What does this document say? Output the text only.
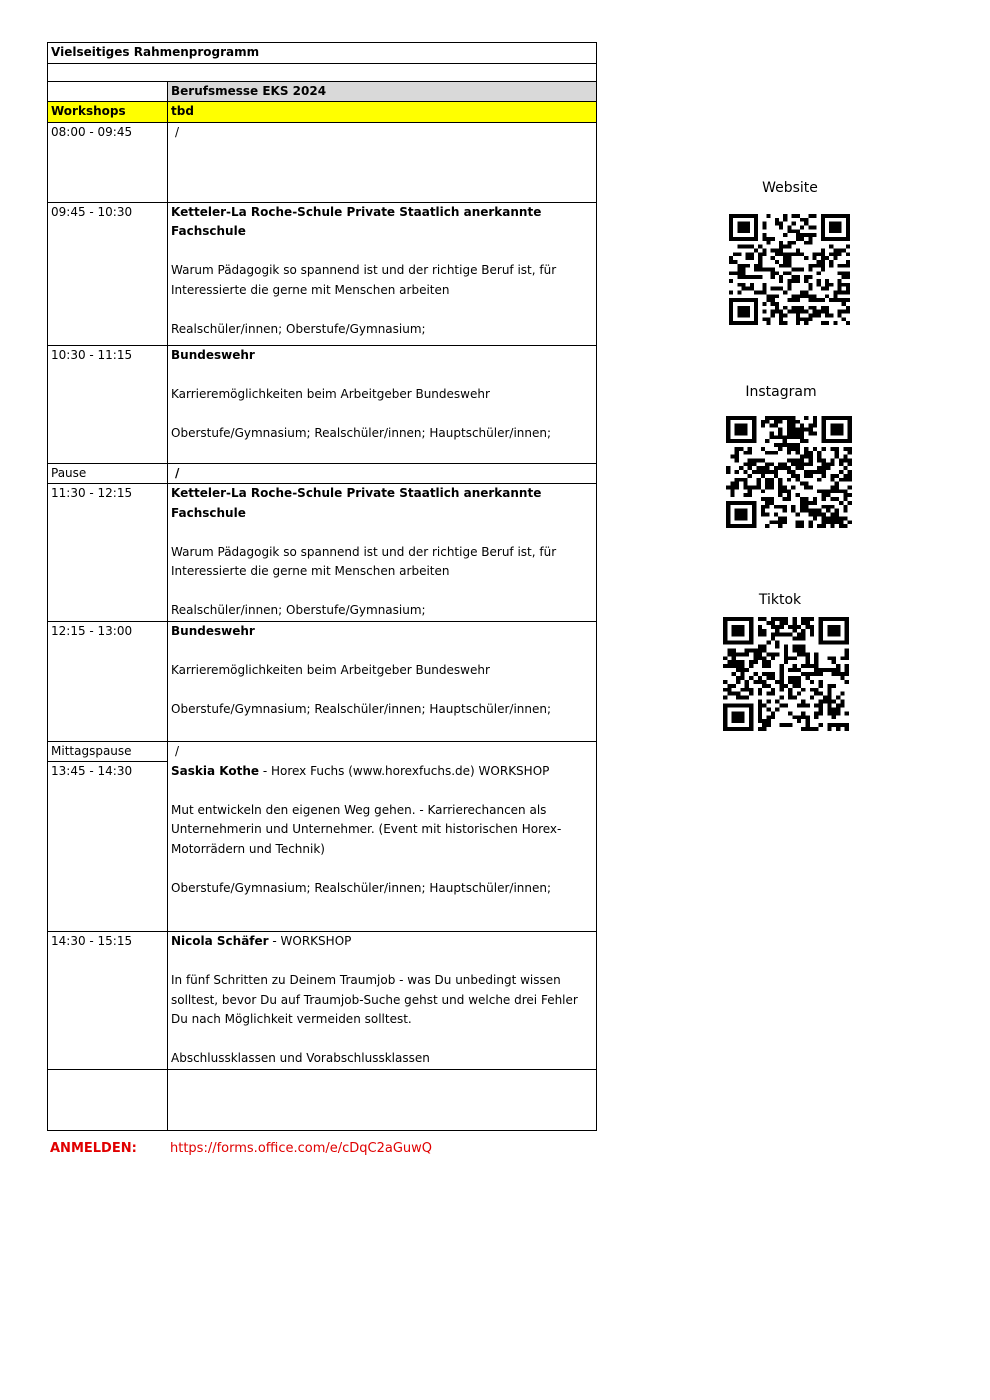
Vielseitiges Rahmenprogramm	

	Berufsmesse EKS 2024
Workshops	tbd
08:00 - 09:45	/
09:45 - 10:30	Ketteler-La Roche-Schule Private Staatlich anerkannte Fachschule
Warum Pädagogik so spannend ist und der richtige Beruf ist, für
Interessierte die gerne mit Menschen arbeiten
Realschüler/innen; Oberstufe/Gymnasium;

10:30 - 11:15	Bundeswehr
Karrieremöglichkeiten beim Arbeitgeber Bundeswehr
Oberstufe/Gymnasium; Realschüler/innen; Hauptschüler/innen;

Pause	/
11:30 - 12:15	Ketteler-La Roche-Schule Private Staatlich anerkannte Fachschule
Warum Pädagogik so spannend ist und der richtige Beruf ist, für
Interessierte die gerne mit Menschen arbeiten
Realschüler/innen; Oberstufe/Gymnasium;

12:15 - 13:00	Bundeswehr
Karrieremöglichkeiten beim Arbeitgeber Bundeswehr
Oberstufe/Gymnasium; Realschüler/innen; Hauptschüler/innen;

Mittagspause	/
13:45 - 14:30	Saskia Kothe - Horex Fuchs (www.horexfuchs.de) WORKSHOP
Mut entwickeln den eigenen Weg gehen. - Karrierechancen als
Unternehmerin und Unternehmer. (Event mit historischen Horex-
Motorrädern und Technik)
Oberstufe/Gymnasium; Realschüler/innen; Hauptschüler/innen;

14:30 - 15:15	Nicola Schäfer - WORKSHOP
In fünf Schritten zu Deinem Traumjob - was Du unbedingt wissen
solltest, bevor Du auf Traumjob-Suche gehst und welche drei Fehler
Du nach Möglichkeit vermeiden solltest.
Abschlussklassen und Vorabschlussklassen

ANMELDEN:	https://forms.office.com/e/cDqC2aGuwQ
Website
Instagram
Tiktok
